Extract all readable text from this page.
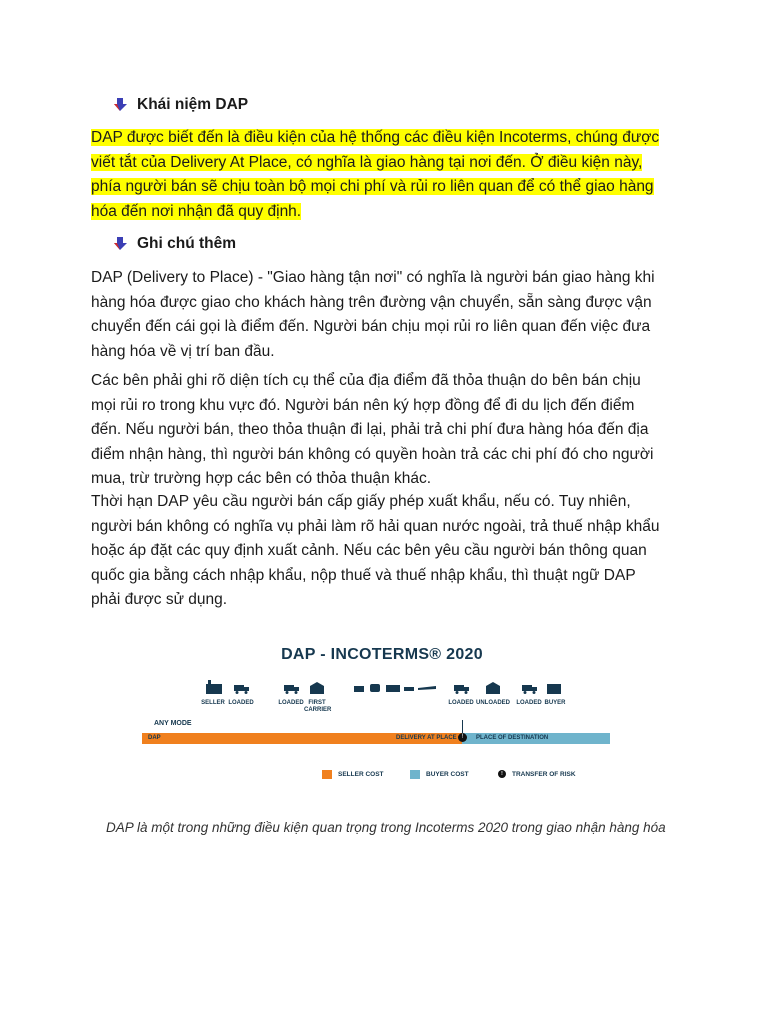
Khái niệm DAP
DAP được biết đến là điều kiện của hệ thống các điều kiện Incoterms, chúng được
viết tắt của Delivery At Place, có nghĩa là giao hàng tại nơi đến. Ở điều kiện này,
phía người bán sẽ chịu toàn bộ mọi chi phí và rủi ro liên quan để có thể giao hàng
hóa đến nơi nhận đã quy định.
Ghi chú thêm
DAP (Delivery to Place) - "Giao hàng tận nơi" có nghĩa là người bán giao hàng khi
hàng hóa được giao cho khách hàng trên đường vận chuyển, sẵn sàng được vận
chuyển đến cái gọi là điểm đến. Người bán chịu mọi rủi ro liên quan đến việc đưa
hàng hóa về vị trí ban đầu.
Các bên phải ghi rõ diện tích cụ thể của địa điểm đã thỏa thuận do bên bán chịu
mọi rủi ro trong khu vực đó. Người bán nên ký hợp đồng để đi du lịch đến điểm
đến. Nếu người bán, theo thỏa thuận đi lại, phải trả chi phí đưa hàng hóa đến địa
điểm nhận hàng, thì người bán không có quyền hoàn trả các chi phí đó cho người
mua, trừ trường hợp các bên có thỏa thuận khác.
Thời hạn DAP yêu cầu người bán cấp giấy phép xuất khẩu, nếu có. Tuy nhiên,
người bán không có nghĩa vụ phải làm rõ hải quan nước ngoài, trả thuế nhập khẩu
hoặc áp đặt các quy định xuất cảnh. Nếu các bên yêu cầu người bán thông quan
quốc gia bằng cách nhập khẩu, nộp thuế và thuế nhập khẩu, thì thuật ngữ DAP
phải được sử dụng.
DAP - INCOTERMS® 2020
SELLER LOADED	LOADED FIRST
CARRIER
LOADED UNLOADED LOADED BUYER
ANY MODE
DAP	DELIVERY AT PLACE	PLACE OF DESTINATION
!
SELLER COST	BUYER COST	!	TRANSFER OF RISK
DAP là một trong những điều kiện quan trọng trong Incoterms 2020 trong giao nhận hàng hóa
